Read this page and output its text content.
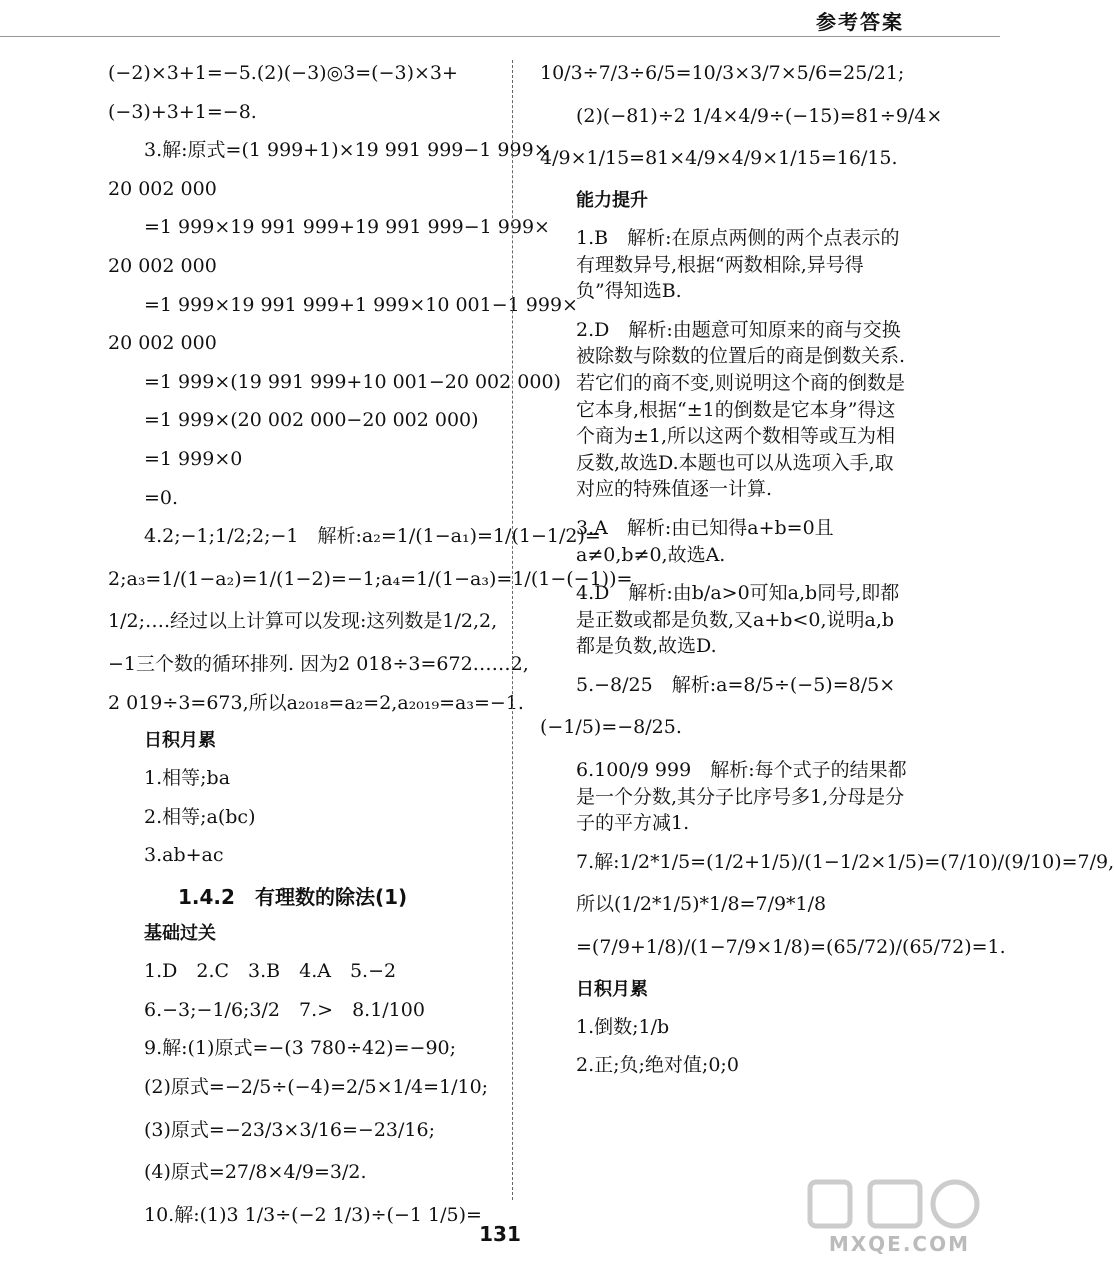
参考答案
(−2)×3+1=−5.(2)(−3)◎3=(−3)×3+
(−3)+3+1=−8.
3.解:原式=(1 999+1)×19 991 999−1 999×
20 002 000
=1 999×19 991 999+19 991 999−1 999×
20 002 000
=1 999×19 991 999+1 999×10 001−1 999×
20 002 000
=1 999×(19 991 999+10 001−20 002 000)
=1 999×(20 002 000−20 002 000)
=1 999×0
=0.
4.2;−1;1/2;2;−1　解析:a₂=1/(1−a₁)=1/(1−1/2)=
2;a₃=1/(1−a₂)=1/(1−2)=−1;a₄=1/(1−a₃)=1/(1−(−1))=
1/2;….经过以上计算可以发现:这列数是1/2,2,
−1三个数的循环排列. 因为2 018÷3=672……2,
2 019÷3=673,所以a₂₀₁₈=a₂=2,a₂₀₁₉=a₃=−1.
日积月累
1.相等;ba
2.相等;a(bc)
3.ab+ac
1.4.2　有理数的除法(1)
基础过关
1.D　2.C　3.B　4.A　5.−2
6.−3;−1/6;3/2　7.>　8.1/100
9.解:(1)原式=−(3 780÷42)=−90;
(2)原式=−2/5÷(−4)=2/5×1/4=1/10;
(3)原式=−23/3×3/16=−23/16;
(4)原式=27/8×4/9=3/2.
10.解:(1)3 1/3÷(−2 1/3)÷(−1 1/5)=
10/3÷7/3÷6/5=10/3×3/7×5/6=25/21;
(2)(−81)÷2 1/4×4/9÷(−15)=81÷9/4×
4/9×1/15=81×4/9×4/9×1/15=16/15.
能力提升
1.B　解析:在原点两侧的两个点表示的有理数异号,根据“两数相除,异号得负”得知选B.
2.D　解析:由题意可知原来的商与交换被除数与除数的位置后的商是倒数关系.若它们的商不变,则说明这个商的倒数是它本身,根据“±1的倒数是它本身”得这个商为±1,所以这两个数相等或互为相反数,故选D.本题也可以从选项入手,取对应的特殊值逐一计算.
3.A　解析:由已知得a+b=0且a≠0,b≠0,故选A.
4.D　解析:由b/a>0可知a,b同号,即都是正数或都是负数,又a+b<0,说明a,b都是负数,故选D.
5.−8/25　解析:a=8/5÷(−5)=8/5×
(−1/5)=−8/25.
6.100/9 999　解析:每个式子的结果都是一个分数,其分子比序号多1,分母是分子的平方减1.
7.解:1/2*1/5=(1/2+1/5)/(1−1/2×1/5)=(7/10)/(9/10)=7/9,
所以(1/2*1/5)*1/8=7/9*1/8
=(7/9+1/8)/(1−7/9×1/8)=(65/72)/(65/72)=1.
日积月累
1.倒数;1/b
2.正;负;绝对值;0;0
131	MXQE.COM
